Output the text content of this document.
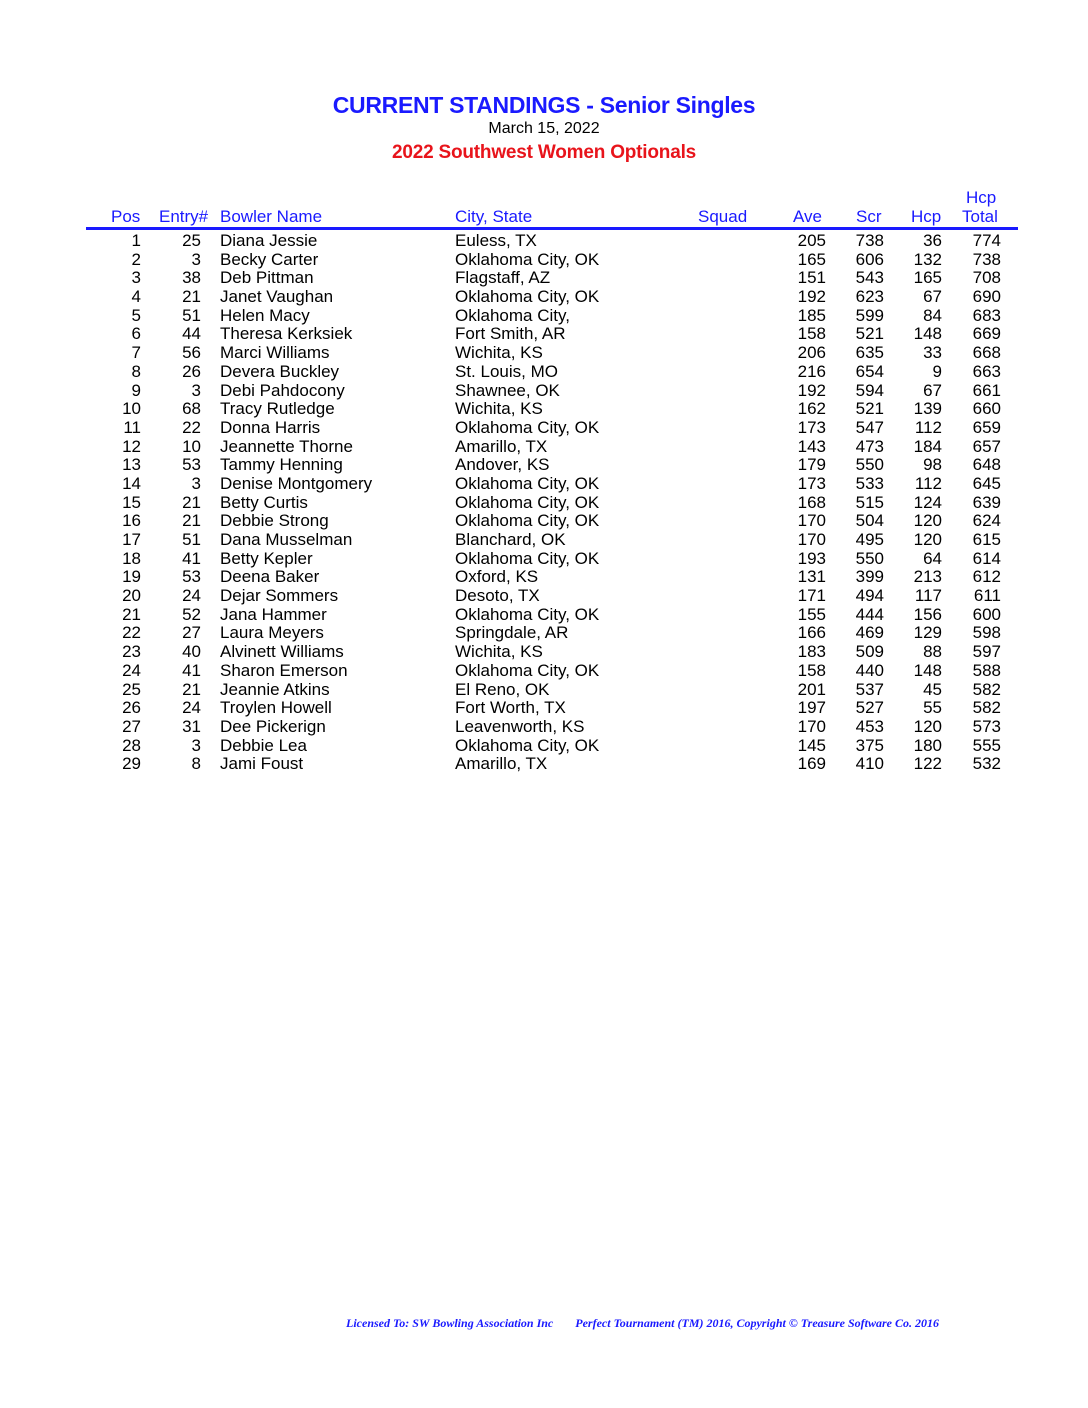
CURRENT STANDINGS - Senior Singles
March 15, 2022
2022 Southwest Women Optionals
Pos Entry# Bowler Name	City, State	Squad	Ave Scr Hcp
Hcp
Total
1 25 Diana Jessie	Euless, TX	205 738 36 774
2	3 Becky Carter	Oklahoma City, OK	165 606 132 738
3 38 Deb Pittman	Flagstaff, AZ	151 543 165 708
4 21 Janet Vaughan	Oklahoma City, OK	192 623 67 690
5 51 Helen Macy	Oklahoma City,	185 599 84 683
6 44 Theresa Kerksiek	Fort Smith, AR	158 521 148 669
7 56 Marci Williams	Wichita, KS	206 635 33 668
8 26 Devera Buckley	St. Louis, MO	216 654	9 663
9	3 Debi Pahdocony	Shawnee, OK	192 594 67 661
10 68 Tracy Rutledge	Wichita, KS	162 521 139 660
11 22 Donna Harris	Oklahoma City, OK	173 547 112 659
12 10 Jeannette Thorne	Amarillo, TX	143 473 184 657
13 53 Tammy Henning	Andover, KS	179 550 98 648
14	3 Denise Montgomery	Oklahoma City, OK	173 533 112 645
15 21 Betty Curtis	Oklahoma City, OK	168 515 124 639
16 21 Debbie Strong	Oklahoma City, OK	170 504 120 624
17 51 Dana Musselman	Blanchard, OK	170 495 120 615
18 41 Betty Kepler	Oklahoma City, OK	193 550 64 614
19 53 Deena Baker	Oxford, KS	131 399 213 612
20 24 Dejar Sommers	Desoto, TX	171 494 117 611
21 52 Jana Hammer	Oklahoma City, OK	155 444 156 600
22 27 Laura Meyers	Springdale, AR	166 469 129 598
23 40 Alvinett Williams	Wichita, KS	183 509 88 597
24 41 Sharon Emerson	Oklahoma City, OK	158 440 148 588
25 21 Jeannie Atkins	El Reno, OK	201 537 45 582
26 24 Troylen Howell	Fort Worth, TX	197 527 55 582
27 31 Dee Pickerign	Leavenworth, KS	170 453 120 573
28	3 Debbie Lea	Oklahoma City, OK	145 375 180 555
29	8 Jami Foust	Amarillo, TX	169 410 122 532
Licensed To: SW Bowling Association Inc Perfect Tournament (TM) 2016, Copyright © Treasure Software Co. 2016
